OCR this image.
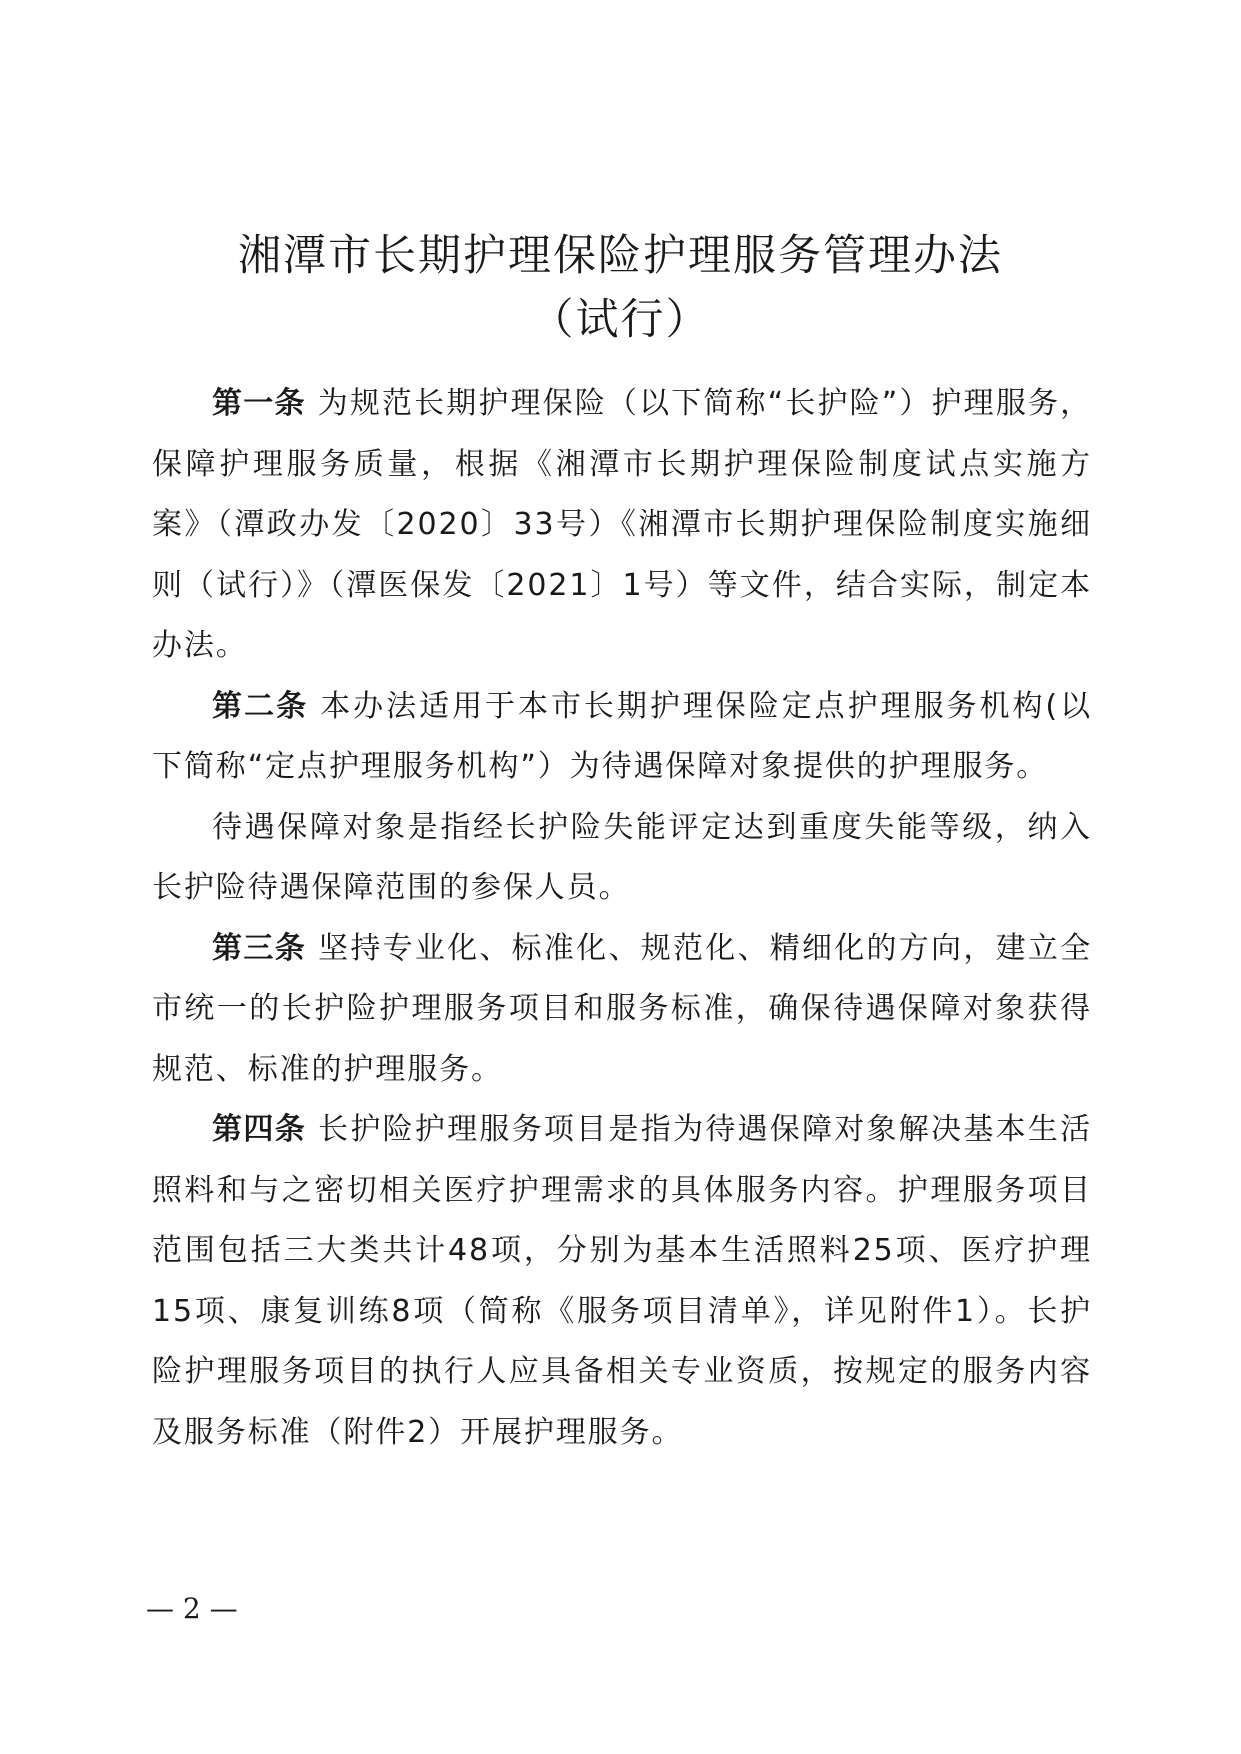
湘潭市长期护理保险护理服务管理办法
（试行）

第一条 为规范长期护理保险（以下简称“长护险”）护理服务，保障护理服务质量，根据《湘潭市长期护理保险制度试点实施方案》（潭政办发〔2020〕33号）《湘潭市长期护理保险制度实施细则（试行）》（潭医保发〔2021〕1号）等文件，结合实际，制定本办法。

第二条 本办法适用于本市长期护理保险定点护理服务机构(以下简称“定点护理服务机构”）为待遇保障对象提供的护理服务。

待遇保障对象是指经长护险失能评定达到重度失能等级，纳入长护险待遇保障范围的参保人员。

第三条 坚持专业化、标准化、规范化、精细化的方向，建立全市统一的长护险护理服务项目和服务标准，确保待遇保障对象获得规范、标准的护理服务。

第四条 长护险护理服务项目是指为待遇保障对象解决基本生活照料和与之密切相关医疗护理需求的具体服务内容。护理服务项目范围包括三大类共计48项，分别为基本生活照料25项、医疗护理15项、康复训练8项（简称《服务项目清单》，详见附件1）。长护险护理服务项目的执行人应具备相关专业资质，按规定的服务内容及服务标准（附件2）开展护理服务。

— 2 —
